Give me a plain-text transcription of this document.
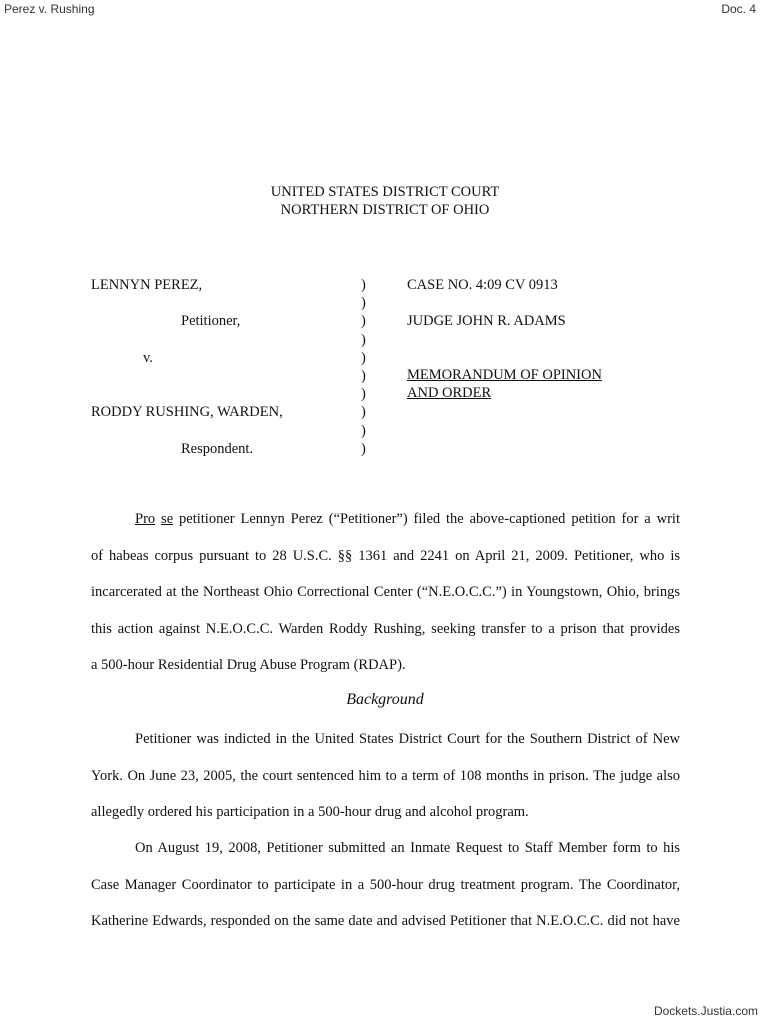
Perez v. Rushing	Doc. 4
UNITED STATES DISTRICT COURT
NORTHERN DISTRICT OF OHIO
LENNYN PEREZ,
Petitioner,
v.
RODDY RUSHING, WARDEN,
Respondent.
)
)
)
)
)
)
)
)
)
)
CASE NO. 4:09 CV 0913
JUDGE JOHN R. ADAMS
MEMORANDUM OF OPINION
AND ORDER
Pro se petitioner Lennyn Perez (“Petitioner”) filed the above-captioned petition for a writ
of habeas corpus pursuant to 28 U.S.C. §§ 1361 and 2241 on April 21, 2009. Petitioner, who is
incarcerated at the Northeast Ohio Correctional Center (“N.E.O.C.C.”) in Youngstown, Ohio, brings
this action against N.E.O.C.C. Warden Roddy Rushing, seeking transfer to a prison that provides
a 500-hour Residential Drug Abuse Program (RDAP).
Background
Petitioner was indicted in the United States District Court for the Southern District of New
York. On June 23, 2005, the court sentenced him to a term of 108 months in prison. The judge also
allegedly ordered his participation in a 500-hour drug and alcohol program.
On August 19, 2008, Petitioner submitted an Inmate Request to Staff Member form to his
Case Manager Coordinator to participate in a 500-hour drug treatment program. The Coordinator,
Katherine Edwards, responded on the same date and advised Petitioner that N.E.O.C.C. did not have
Dockets.Justia.com
